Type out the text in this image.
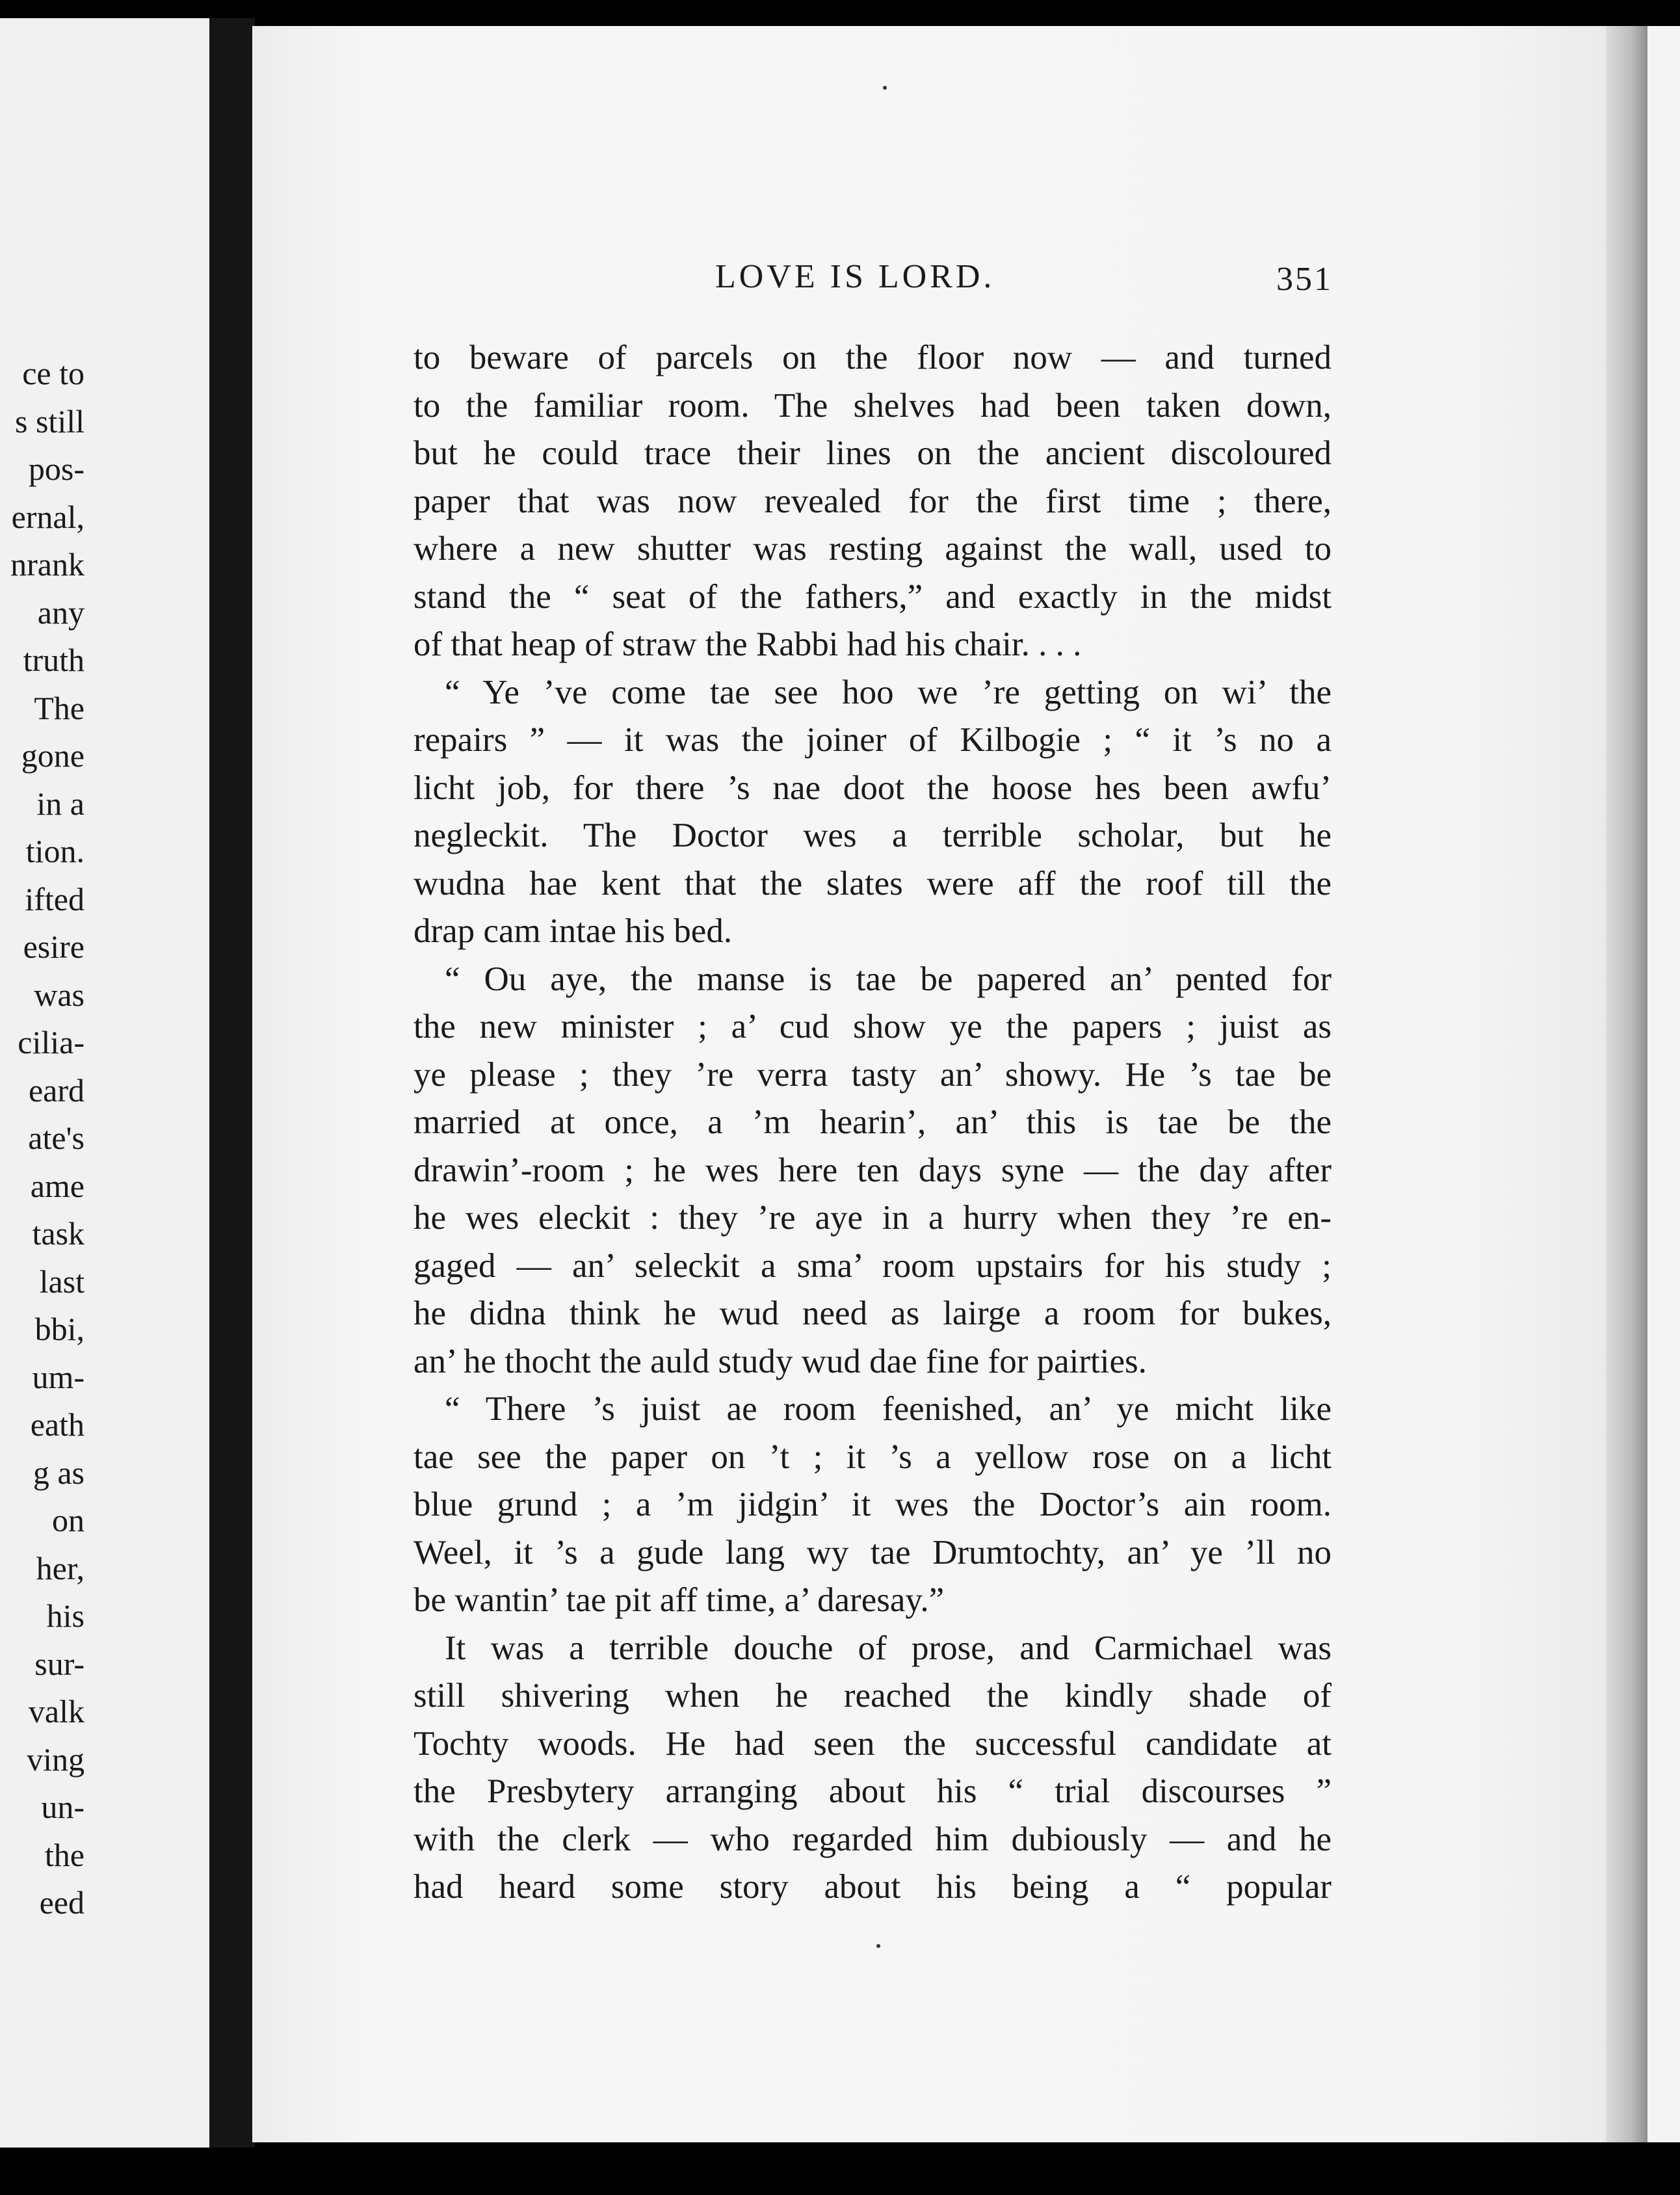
ce to
s still
pos-
ernal,
nrank
any
truth
The
gone
in a
tion.
ifted
esire
was
cilia-
eard
ate's
ame
task
last
bbi,
um-
eath
g as
on
her,
his
sur-
valk
ving
un-
the
eed
LOVE IS LORD.	351
to beware of parcels on the floor now — and turned
to the familiar room. The shelves had been taken down,
but he could trace their lines on the ancient discoloured
paper that was now revealed for the first time ; there,
where a new shutter was resting against the wall, used to
stand the “ seat of the fathers,” and exactly in the midst
of that heap of straw the Rabbi had his chair. . . .
“ Ye ’ve come tae see hoo we ’re getting on wi’ the
repairs ” — it was the joiner of Kilbogie ; “ it ’s no a
licht job, for there ’s nae doot the hoose hes been awfu’
negleckit. The Doctor wes a terrible scholar, but he
wudna hae kent that the slates were aff the roof till the
drap cam intae his bed.
“ Ou aye, the manse is tae be papered an’ pented for
the new minister ; a’ cud show ye the papers ; juist as
ye please ; they ’re verra tasty an’ showy. He ’s tae be
married at once, a ’m hearin’, an’ this is tae be the
drawin’-room ; he wes here ten days syne — the day after
he wes eleckit : they ’re aye in a hurry when they ’re en-
gaged — an’ seleckit a sma’ room upstairs for his study ;
he didna think he wud need as lairge a room for bukes,
an’ he thocht the auld study wud dae fine for pairties.
“ There ’s juist ae room feenished, an’ ye micht like
tae see the paper on ’t ; it ’s a yellow rose on a licht
blue grund ; a ’m jidgin’ it wes the Doctor’s ain room.
Weel, it ’s a gude lang wy tae Drumtochty, an’ ye ’ll no
be wantin’ tae pit aff time, a’ daresay.”
It was a terrible douche of prose, and Carmichael was
still shivering when he reached the kindly shade of
Tochty woods. He had seen the successful candidate at
the Presbytery arranging about his “ trial discourses ”
with the clerk — who regarded him dubiously — and he
had heard some story about his being a “ popular
